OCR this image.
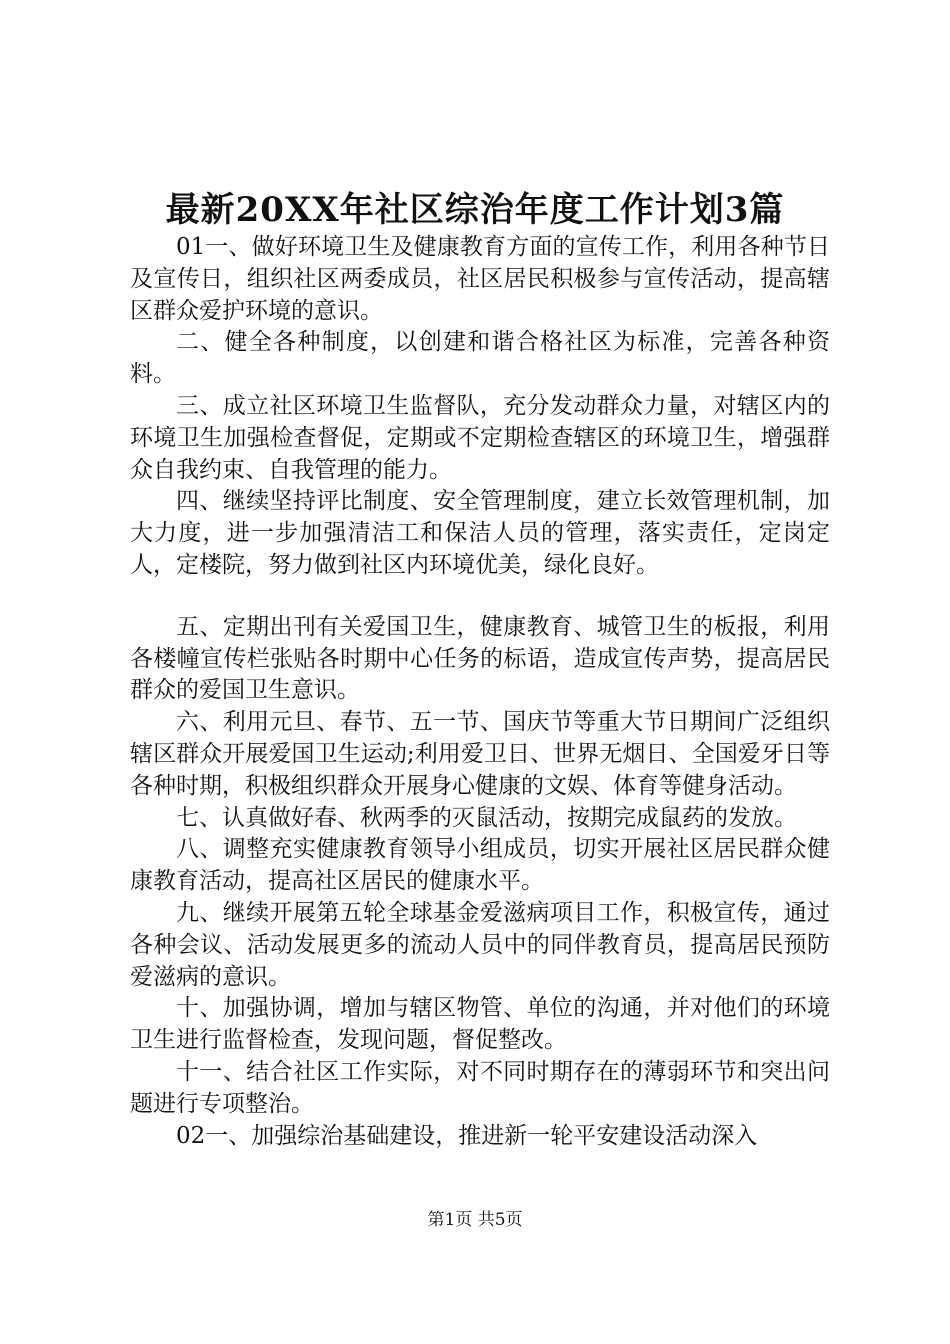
最新20XX年社区综治年度工作计划3篇

01一、做好环境卫生及健康教育方面的宣传工作，利用各种节日及宣传日，组织社区两委成员，社区居民积极参与宣传活动，提高辖区群众爱护环境的意识。

二、健全各种制度，以创建和谐合格社区为标准，完善各种资料。

三、成立社区环境卫生监督队，充分发动群众力量，对辖区内的环境卫生加强检查督促，定期或不定期检查辖区的环境卫生，增强群众自我约束、自我管理的能力。

四、继续坚持评比制度、安全管理制度，建立长效管理机制，加大力度，进一步加强清洁工和保洁人员的管理，落实责任，定岗定人，定楼院，努力做到社区内环境优美，绿化良好。

五、定期出刊有关爱国卫生，健康教育、城管卫生的板报，利用各楼幢宣传栏张贴各时期中心任务的标语，造成宣传声势，提高居民群众的爱国卫生意识。

六、利用元旦、春节、五一节、国庆节等重大节日期间广泛组织辖区群众开展爱国卫生运动;利用爱卫日、世界无烟日、全国爱牙日等各种时期，积极组织群众开展身心健康的文娱、体育等健身活动。

七、认真做好春、秋两季的灭鼠活动，按期完成鼠药的发放。

八、调整充实健康教育领导小组成员，切实开展社区居民群众健康教育活动，提高社区居民的健康水平。

九、继续开展第五轮全球基金爱滋病项目工作，积极宣传，通过各种会议、活动发展更多的流动人员中的同伴教育员，提高居民预防爱滋病的意识。

十、加强协调，增加与辖区物管、单位的沟通，并对他们的环境卫生进行监督检查，发现问题，督促整改。

十一、结合社区工作实际，对不同时期存在的薄弱环节和突出问题进行专项整治。

02一、加强综治基础建设，推进新一轮平安建设活动深入

第1页 共5页
